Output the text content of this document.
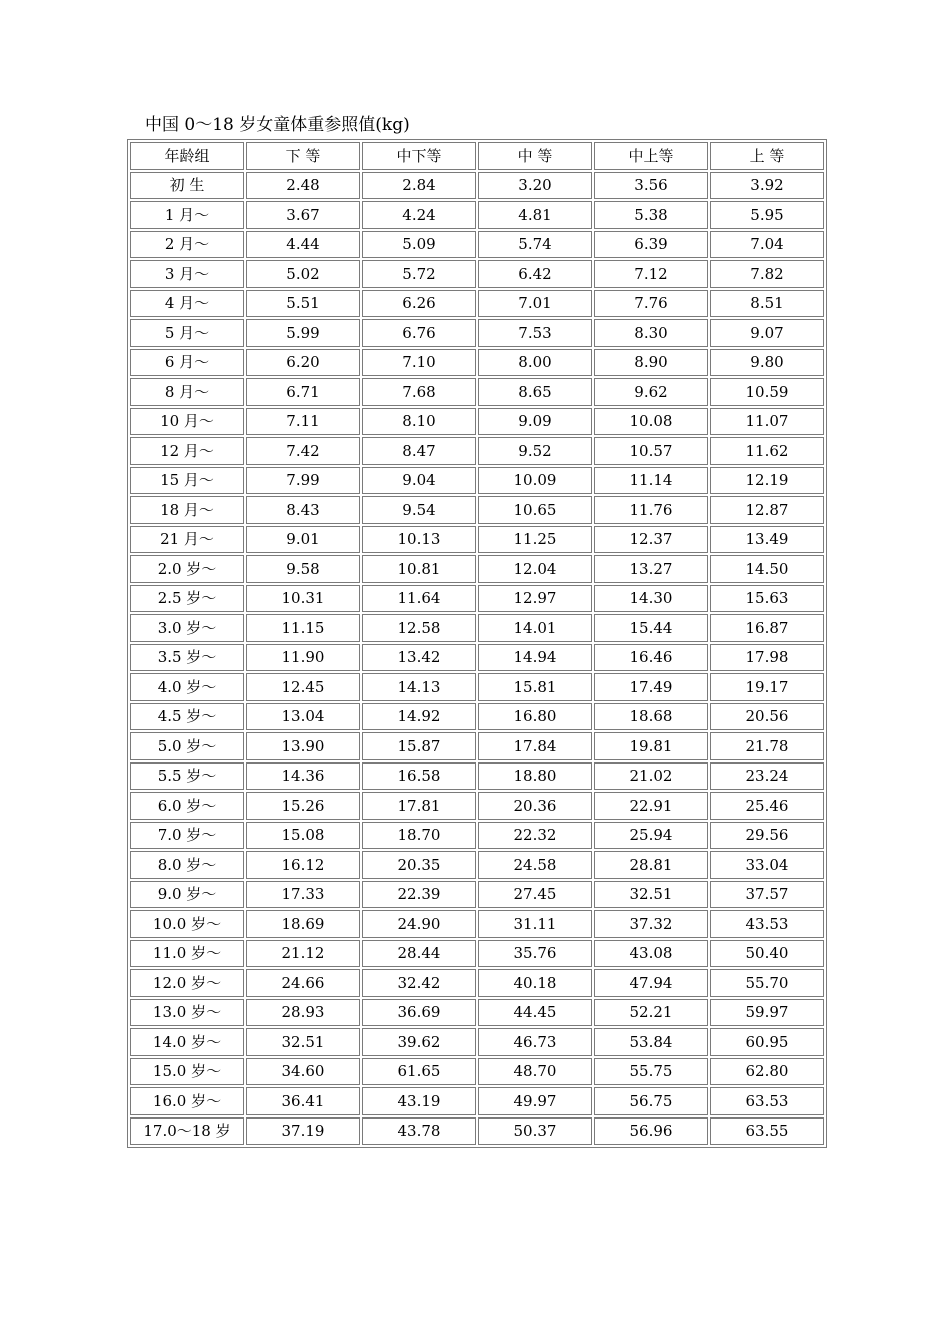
中国 0～18 岁女童体重参照值(kg)
年龄组	下 等	中下等	中 等	中上等	上 等
初 生	2.48	2.84	3.20	3.56	3.92
1 月～	3.67	4.24	4.81	5.38	5.95
2 月～	4.44	5.09	5.74	6.39	7.04
3 月～	5.02	5.72	6.42	7.12	7.82
4 月～	5.51	6.26	7.01	7.76	8.51
5 月～	5.99	6.76	7.53	8.30	9.07
6 月～	6.20	7.10	8.00	8.90	9.80
8 月～	6.71	7.68	8.65	9.62	10.59
10 月～	7.11	8.10	9.09	10.08	11.07
12 月～	7.42	8.47	9.52	10.57	11.62
15 月～	7.99	9.04	10.09	11.14	12.19
18 月～	8.43	9.54	10.65	11.76	12.87
21 月～	9.01	10.13	11.25	12.37	13.49
2.0 岁～	9.58	10.81	12.04	13.27	14.50
2.5 岁～	10.31	11.64	12.97	14.30	15.63
3.0 岁～	11.15	12.58	14.01	15.44	16.87
3.5 岁～	11.90	13.42	14.94	16.46	17.98
4.0 岁～	12.45	14.13	15.81	17.49	19.17
4.5 岁～	13.04	14.92	16.80	18.68	20.56
5.0 岁～	13.90	15.87	17.84	19.81	21.78
5.5 岁～	14.36	16.58	18.80	21.02	23.24
6.0 岁～	15.26	17.81	20.36	22.91	25.46
7.0 岁～	15.08	18.70	22.32	25.94	29.56
8.0 岁～	16.12	20.35	24.58	28.81	33.04
9.0 岁～	17.33	22.39	27.45	32.51	37.57
10.0 岁～	18.69	24.90	31.11	37.32	43.53
11.0 岁～	21.12	28.44	35.76	43.08	50.40
12.0 岁～	24.66	32.42	40.18	47.94	55.70
13.0 岁～	28.93	36.69	44.45	52.21	59.97
14.0 岁～	32.51	39.62	46.73	53.84	60.95
15.0 岁～	34.60	61.65	48.70	55.75	62.80
16.0 岁～	36.41	43.19	49.97	56.75	63.53
17.0～18 岁	37.19	43.78	50.37	56.96	63.55
